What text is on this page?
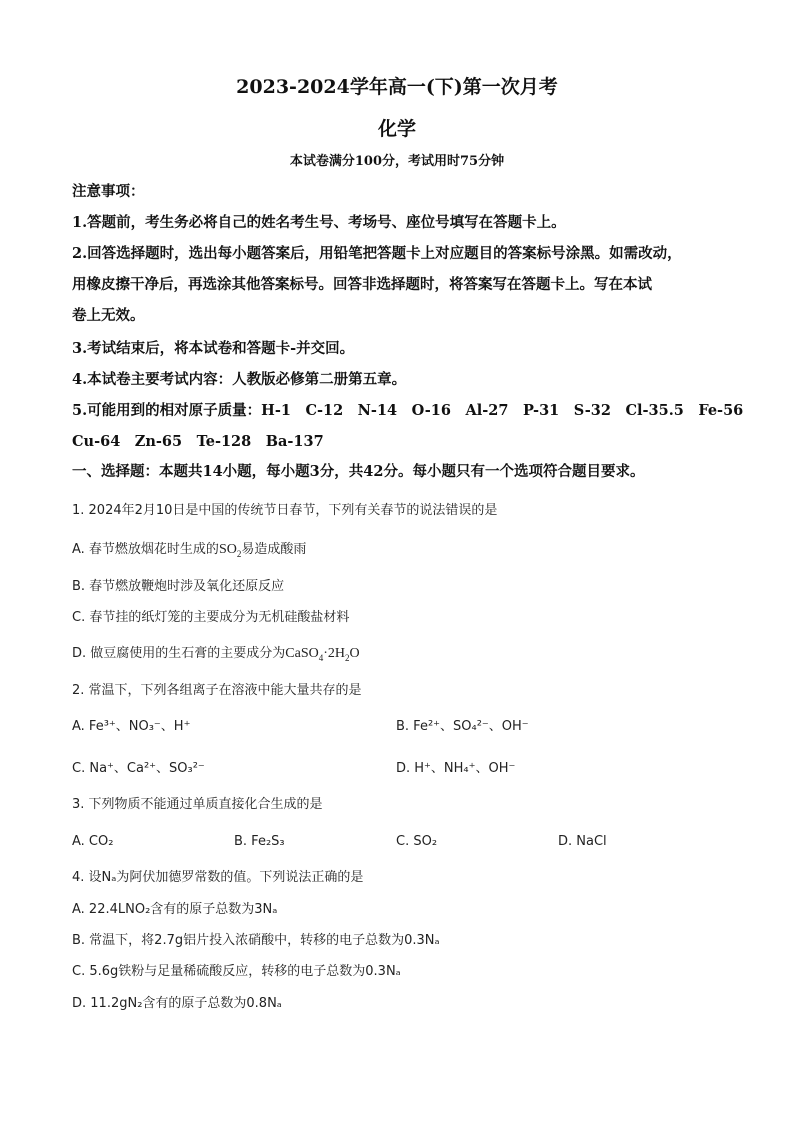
2023-2024学年高一(下)第一次月考
化学
本试卷满分100分，考试用时75分钟
注意事项：
1.答题前，考生务必将自己的姓名考生号、考场号、座位号填写在答题卡上。
2.回答选择题时，选出每小题答案后，用铅笔把答题卡上对应题目的答案标号涂黑。如需改动，
用橡皮擦干净后，再选涂其他答案标号。回答非选择题时，将答案写在答题卡上。写在本试
卷上无效。
3.考试结束后，将本试卷和答题卡-并交回。
4.本试卷主要考试内容：人教版必修第二册第五章。
5.可能用到的相对原子质量：H-1　C-12　N-14　O-16　Al-27　P-31　S-32　Cl-35.5　Fe-56
Cu-64　Zn-65　Te-128　Ba-137
一、选择题：本题共14小题，每小题3分，共42分。每小题只有一个选项符合题目要求。
1. 2024年2月10日是中国的传统节日春节，下列有关春节的说法错误的是
A. 春节燃放烟花时生成的$SO_2$易造成酸雨
B. 春节燃放鞭炮时涉及氧化还原反应
C. 春节挂的纸灯笼的主要成分为无机硅酸盐材料
D. 做豆腐使用的生石膏的主要成分为$CaSO_4\cdot 2H_2O$
2. 常温下，下列各组离子在溶液中能大量共存的是
A. Fe³⁺、NO₃⁻、H⁺	B. Fe²⁺、SO₄²⁻、OH⁻
C. Na⁺、Ca²⁺、SO₃²⁻	D. H⁺、NH₄⁺、OH⁻
3. 下列物质不能通过单质直接化合生成的是
A. CO₂	B. Fe₂S₃	C. SO₂	D. NaCl
4. 设Nₐ为阿伏加德罗常数的值。下列说法正确的是
A. 22.4LNO₂含有的原子总数为3Nₐ
B. 常温下，将2.7g铝片投入浓硝酸中，转移的电子总数为0.3Nₐ
C. 5.6g铁粉与足量稀硫酸反应，转移的电子总数为0.3Nₐ
D. 11.2gN₂含有的原子总数为0.8Nₐ
